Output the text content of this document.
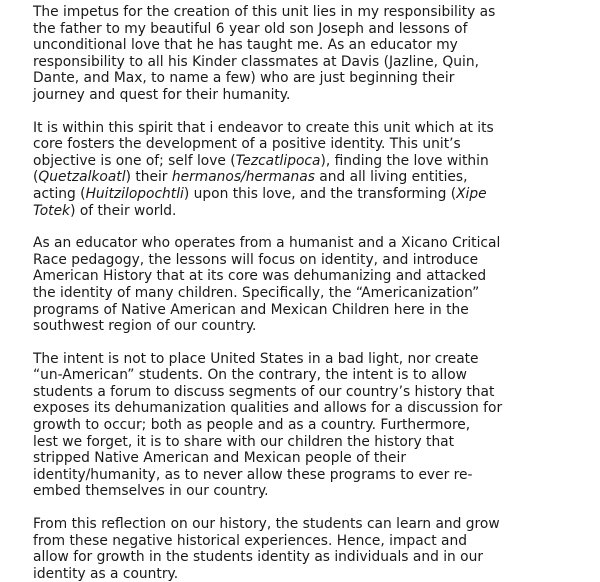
The impetus for the creation of this unit lies in my responsibility as
the father to my beautiful 6 year old son Joseph and lessons of
unconditional love that he has taught me. As an educator my
responsibility to all his Kinder classmates at Davis (Jazline, Quin,
Dante, and Max, to name a few) who are just beginning their
journey and quest for their humanity.

It is within this spirit that i endeavor to create this unit which at its
core fosters the development of a positive identity. This unit’s
objective is one of; self love (Tezcatlipoca), finding the love within
(Quetzalkoatl) their hermanos/hermanas and all living entities,
acting (Huitzilopochtli) upon this love, and the transforming (Xipe
Totek) of their world.

As an educator who operates from a humanist and a Xicano Critical
Race pedagogy, the lessons will focus on identity, and introduce
American History that at its core was dehumanizing and attacked
the identity of many children. Specifically, the “Americanization”
programs of Native American and Mexican Children here in the
southwest region of our country.

The intent is not to place United States in a bad light, nor create
“un-American” students. On the contrary, the intent is to allow
students a forum to discuss segments of our country’s history that
exposes its dehumanization qualities and allows for a discussion for
growth to occur; both as people and as a country. Furthermore,
lest we forget, it is to share with our children the history that
stripped Native American and Mexican people of their
identity/humanity, as to never allow these programs to ever re-
embed themselves in our country.

From this reflection on our history, the students can learn and grow
from these negative historical experiences. Hence, impact and
allow for growth in the students identity as individuals and in our
identity as a country.
